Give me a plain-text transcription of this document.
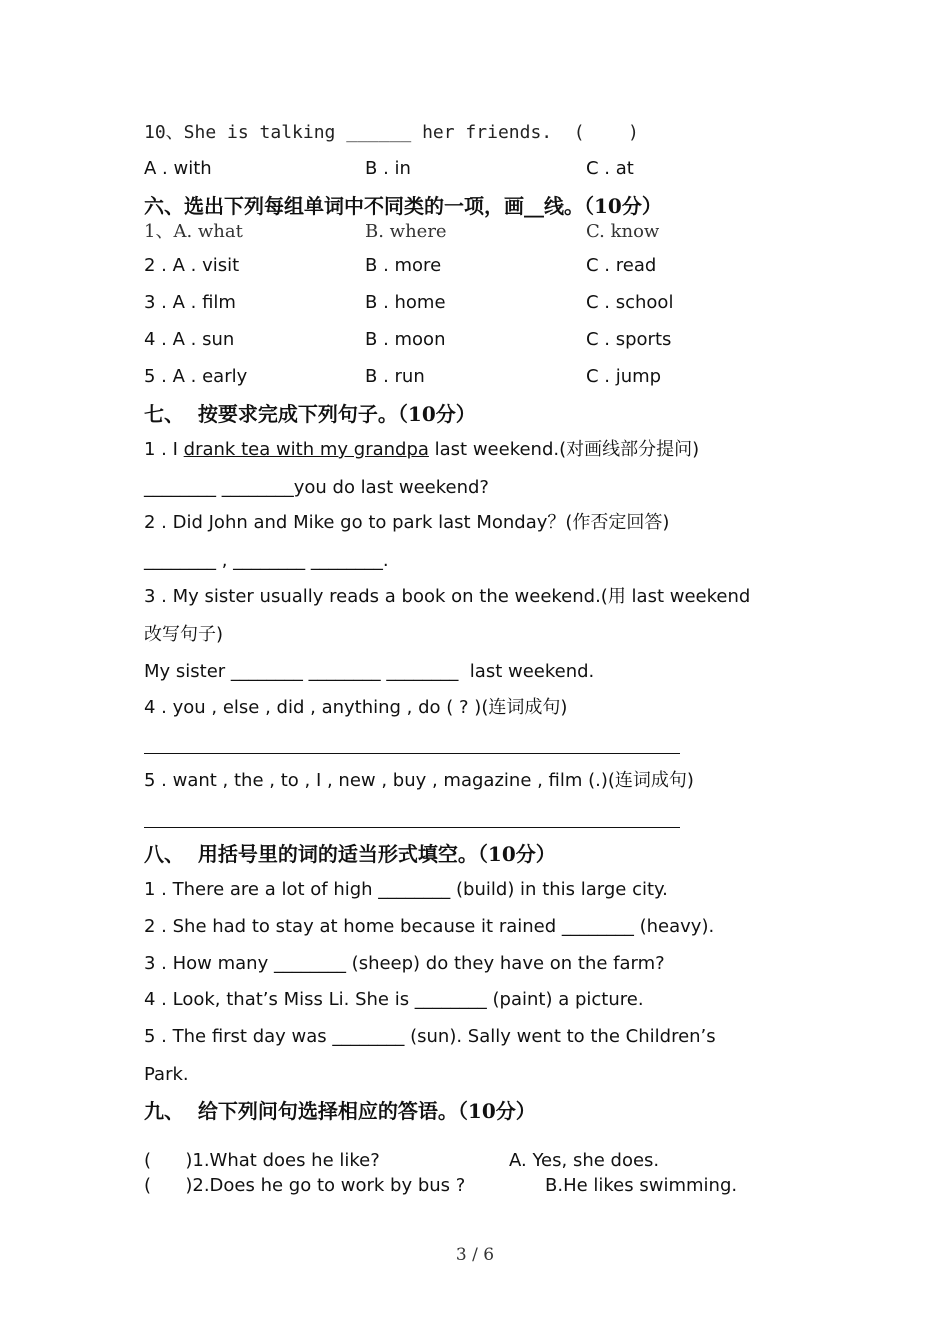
10、She is talking ______ her friends.  (    )
A . with	B . in	C . at
六、选出下列每组单词中不同类的一项，画__线。（10分）
1、A. what	B. where	C. know
2 . A . visit	B . more	C . read
3 . A . film	B . home	C . school
4 . A . sun	B . moon	C . sports
5 . A . early	B . run	C . jump
七、  按要求完成下列句子。（10分）
1 . I drank tea with my grandpa last weekend.(对画线部分提问)
________ ________you do last weekend?
2 . Did John and Mike go to park last Monday？(作否定回答)
________ , ________ ________.
3 . My sister usually reads a book on the weekend.(用 last weekend
改写句子)
My sister ________ ________ ________  last weekend.
4 . you , else , did , anything , do ( ? )(连词成句)
5 . want , the , to , I , new , buy , magazine , film (.)(连词成句)
八、  用括号里的词的适当形式填空。（10分）
1 . There are a lot of high ________ (build) in this large city.
2 . She had to stay at home because it rained ________ (heavy).
3 . How many ________ (sheep) do they have on the farm?
4 . Look, that’s Miss Li. She is ________ (paint) a picture.
5 . The first day was ________ (sun). Sally went to the Children’s
Park.
九、  给下列问句选择相应的答语。（10分）
(      )1.What does he like?	A. Yes, she does.
(      )2.Does he go to work by bus ?	B.He likes swimming.
3 / 6
